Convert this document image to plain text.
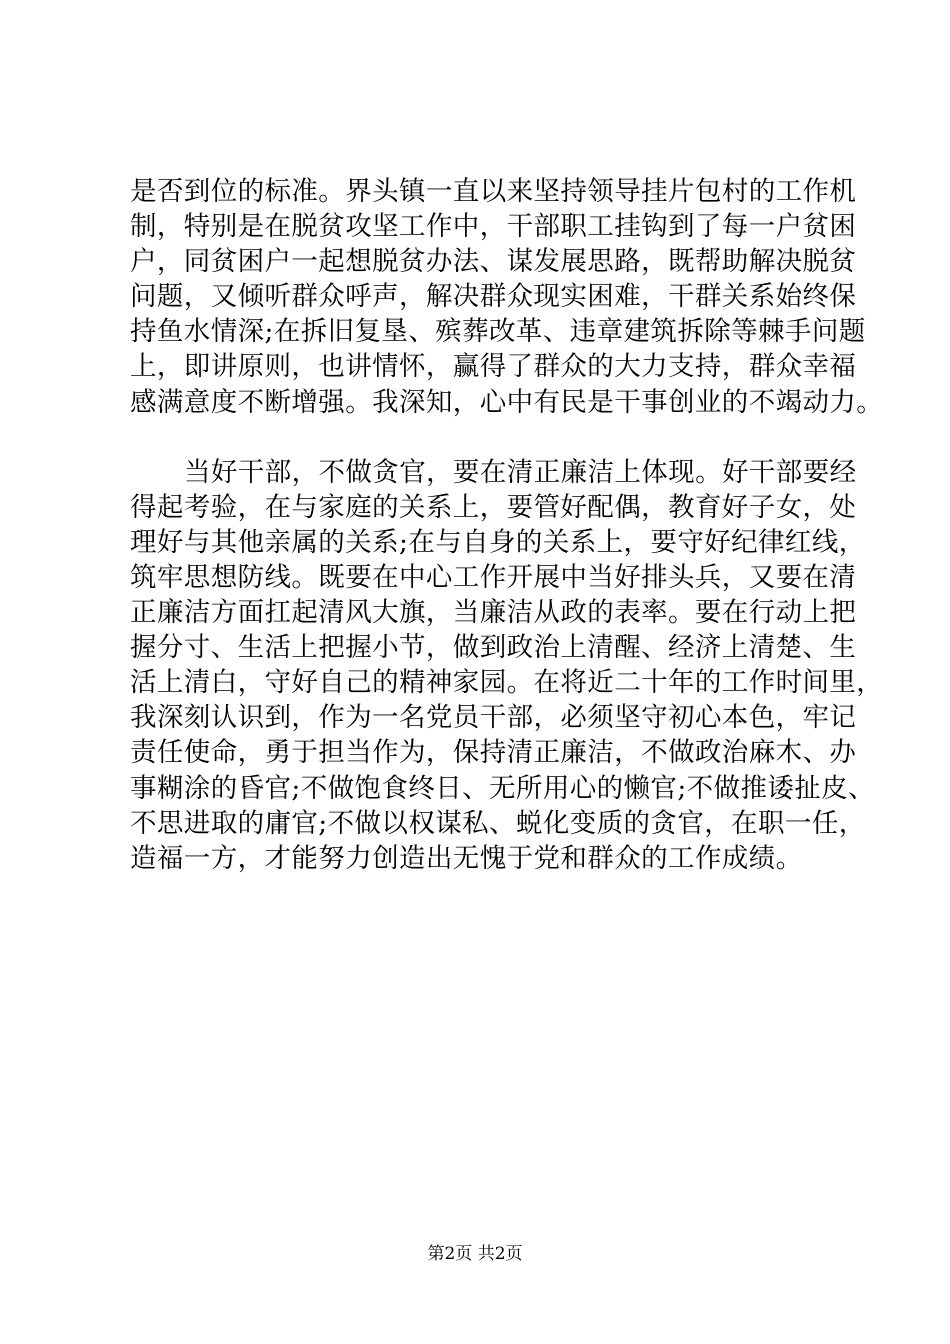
是否到位的标准。界头镇一直以来坚持领导挂片包村的工作机
制，特别是在脱贫攻坚工作中，干部职工挂钩到了每一户贫困
户，同贫困户一起想脱贫办法、谋发展思路，既帮助解决脱贫
问题，又倾听群众呼声，解决群众现实困难，干群关系始终保
持鱼水情深;在拆旧复垦、殡葬改革、违章建筑拆除等棘手问题
上，即讲原则，也讲情怀，赢得了群众的大力支持，群众幸福
感满意度不断增强。我深知，心中有民是干事创业的不竭动力。
当好干部，不做贪官，要在清正廉洁上体现。好干部要经
得起考验，在与家庭的关系上，要管好配偶，教育好子女，处
理好与其他亲属的关系;在与自身的关系上，要守好纪律红线，
筑牢思想防线。既要在中心工作开展中当好排头兵，又要在清
正廉洁方面扛起清风大旗，当廉洁从政的表率。要在行动上把
握分寸、生活上把握小节，做到政治上清醒、经济上清楚、生
活上清白，守好自己的精神家园。在将近二十年的工作时间里，
我深刻认识到，作为一名党员干部，必须坚守初心本色，牢记
责任使命，勇于担当作为，保持清正廉洁，不做政治麻木、办
事糊涂的昏官;不做饱食终日、无所用心的懒官;不做推诿扯皮、
不思进取的庸官;不做以权谋私、蜕化变质的贪官，在职一任，
造福一方，才能努力创造出无愧于党和群众的工作成绩。
第2页 共2页
